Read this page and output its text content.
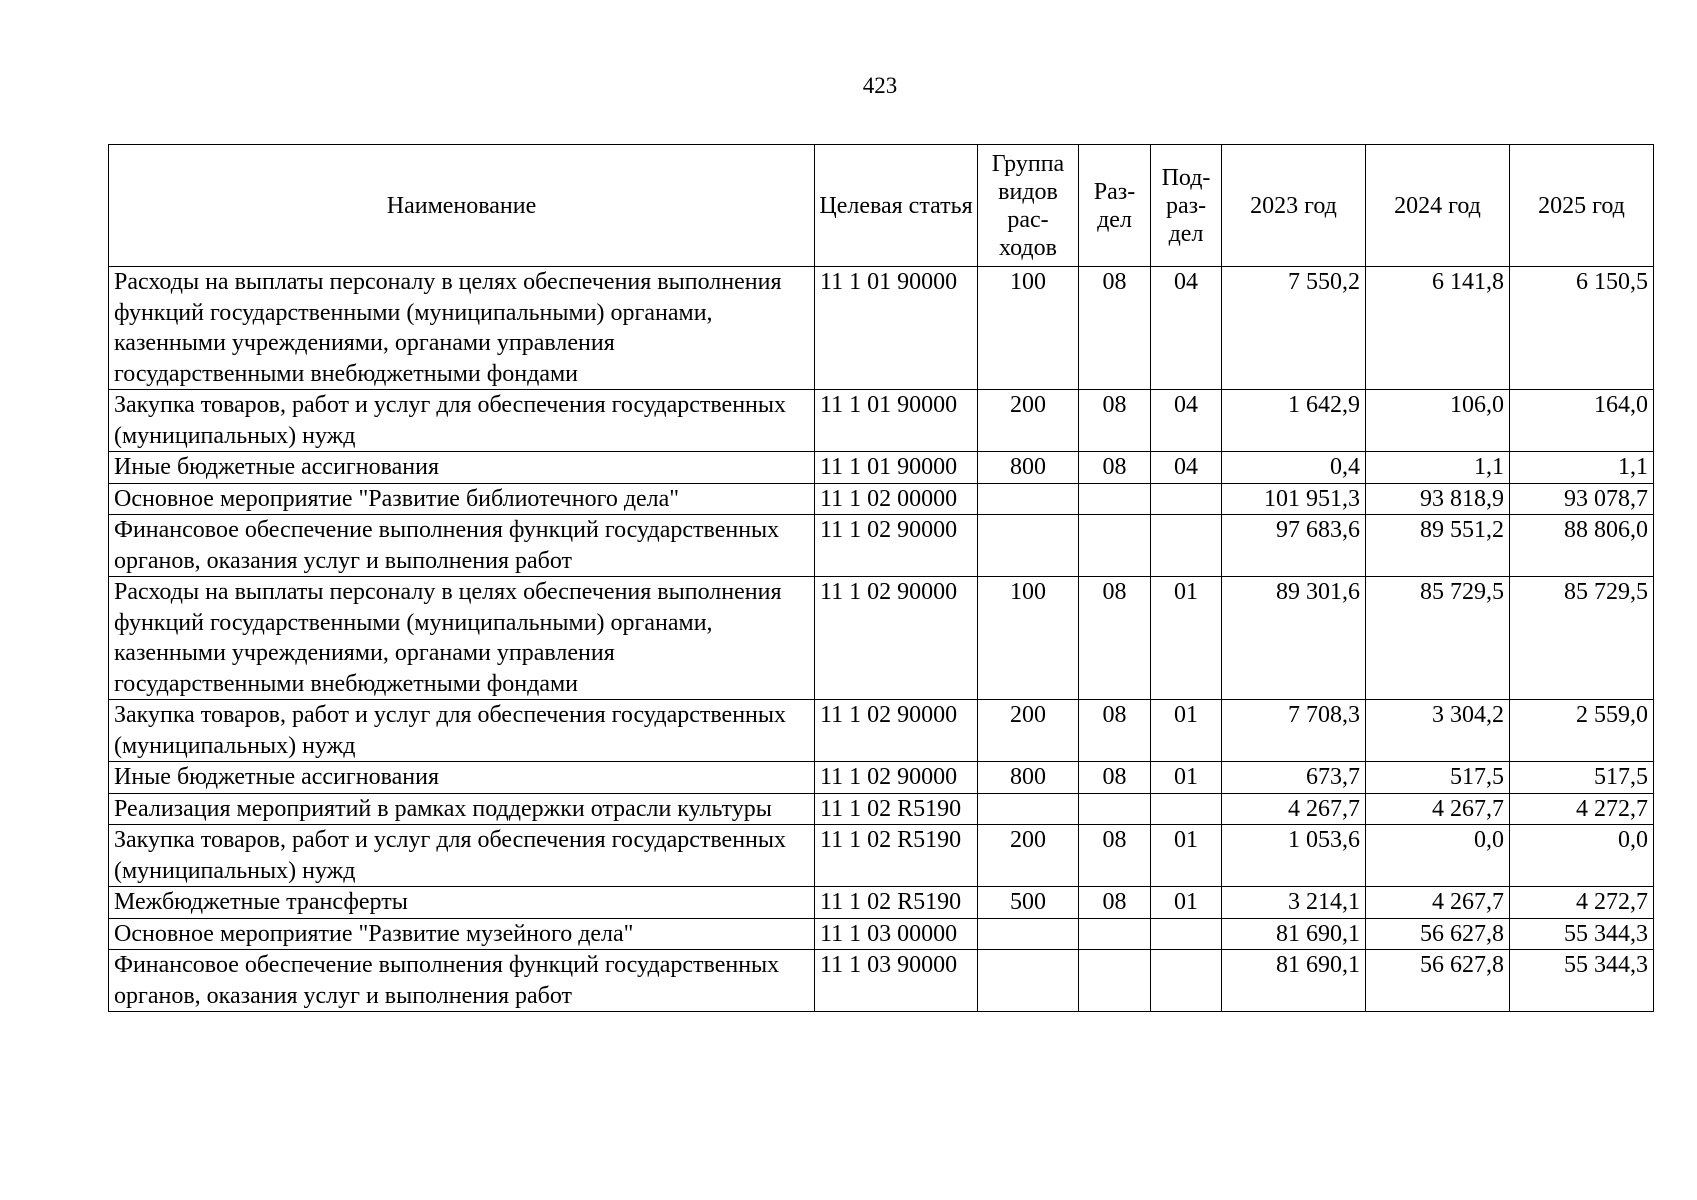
423
Наименование	Целевая статья	Группа видов рас-ходов	Раз-дел	Под-раз-дел	2023 год	2024 год	2025 год
Расходы на выплаты персоналу в целях обеспечения выполнения функций государственными (муниципальными) органами, казенными учреждениями, органами управления государственными внебюджетными фондами	11 1 01 90000	100	08	04	7 550,2	6 141,8	6 150,5
Закупка товаров, работ и услуг для обеспечения государственных (муниципальных) нужд	11 1 01 90000	200	08	04	1 642,9	106,0	164,0
Иные бюджетные ассигнования	11 1 01 90000	800	08	04	0,4	1,1	1,1
Основное мероприятие "Развитие библиотечного дела"	11 1 02 00000				101 951,3	93 818,9	93 078,7
Финансовое обеспечение выполнения функций государственных органов, оказания услуг и выполнения работ	11 1 02 90000				97 683,6	89 551,2	88 806,0
Расходы на выплаты персоналу в целях обеспечения выполнения функций государственными (муниципальными) органами, казенными учреждениями, органами управления государственными внебюджетными фондами	11 1 02 90000	100	08	01	89 301,6	85 729,5	85 729,5
Закупка товаров, работ и услуг для обеспечения государственных (муниципальных) нужд	11 1 02 90000	200	08	01	7 708,3	3 304,2	2 559,0
Иные бюджетные ассигнования	11 1 02 90000	800	08	01	673,7	517,5	517,5
Реализация мероприятий в рамках поддержки отрасли культуры	11 1 02 R5190				4 267,7	4 267,7	4 272,7
Закупка товаров, работ и услуг для обеспечения государственных (муниципальных) нужд	11 1 02 R5190	200	08	01	1 053,6	0,0	0,0
Межбюджетные трансферты	11 1 02 R5190	500	08	01	3 214,1	4 267,7	4 272,7
Основное мероприятие "Развитие музейного дела"	11 1 03 00000				81 690,1	56 627,8	55 344,3
Финансовое обеспечение выполнения функций государственных органов, оказания услуг и выполнения работ	11 1 03 90000				81 690,1	56 627,8	55 344,3
